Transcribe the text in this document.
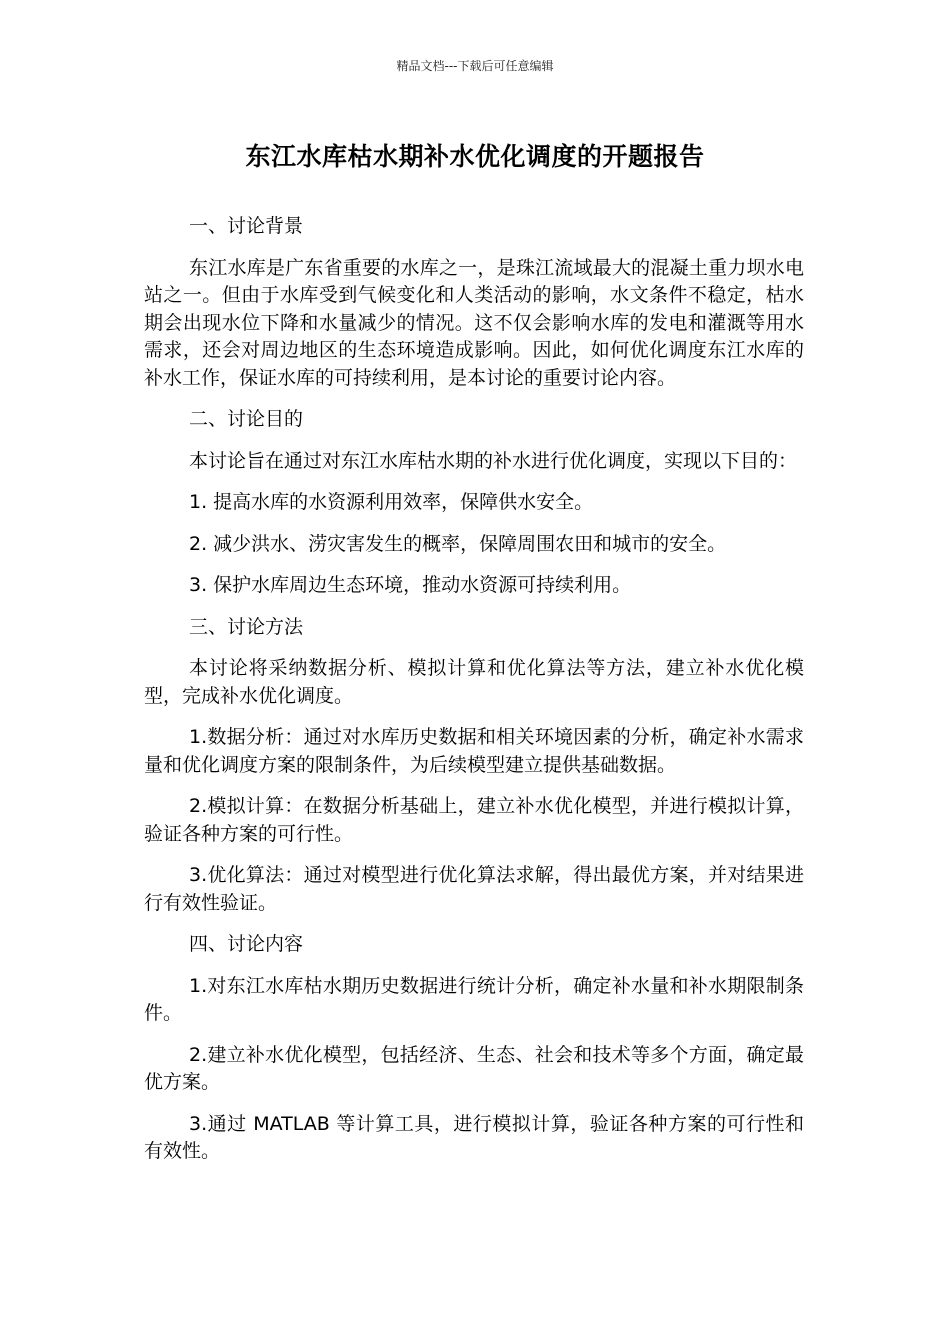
精品文档---下载后可任意编辑
东江水库枯水期补水优化调度的开题报告
一、讨论背景
东江水库是广东省重要的水库之一，是珠江流域最大的混凝土重力坝水电站之一。但由于水库受到气候变化和人类活动的影响，水文条件不稳定，枯水期会出现水位下降和水量减少的情况。这不仅会影响水库的发电和灌溉等用水需求，还会对周边地区的生态环境造成影响。因此，如何优化调度东江水库的补水工作，保证水库的可持续利用，是本讨论的重要讨论内容。
二、讨论目的
本讨论旨在通过对东江水库枯水期的补水进行优化调度，实现以下目的：
1. 提高水库的水资源利用效率，保障供水安全。
2. 减少洪水、涝灾害发生的概率，保障周围农田和城市的安全。
3. 保护水库周边生态环境，推动水资源可持续利用。
三、讨论方法
本讨论将采纳数据分析、模拟计算和优化算法等方法，建立补水优化模型，完成补水优化调度。
1.数据分析：通过对水库历史数据和相关环境因素的分析，确定补水需求量和优化调度方案的限制条件，为后续模型建立提供基础数据。
2.模拟计算：在数据分析基础上，建立补水优化模型，并进行模拟计算，验证各种方案的可行性。
3.优化算法：通过对模型进行优化算法求解，得出最优方案，并对结果进行有效性验证。
四、讨论内容
1.对东江水库枯水期历史数据进行统计分析，确定补水量和补水期限制条件。
2.建立补水优化模型，包括经济、生态、社会和技术等多个方面，确定最优方案。
3.通过 MATLAB 等计算工具，进行模拟计算，验证各种方案的可行性和有效性。
